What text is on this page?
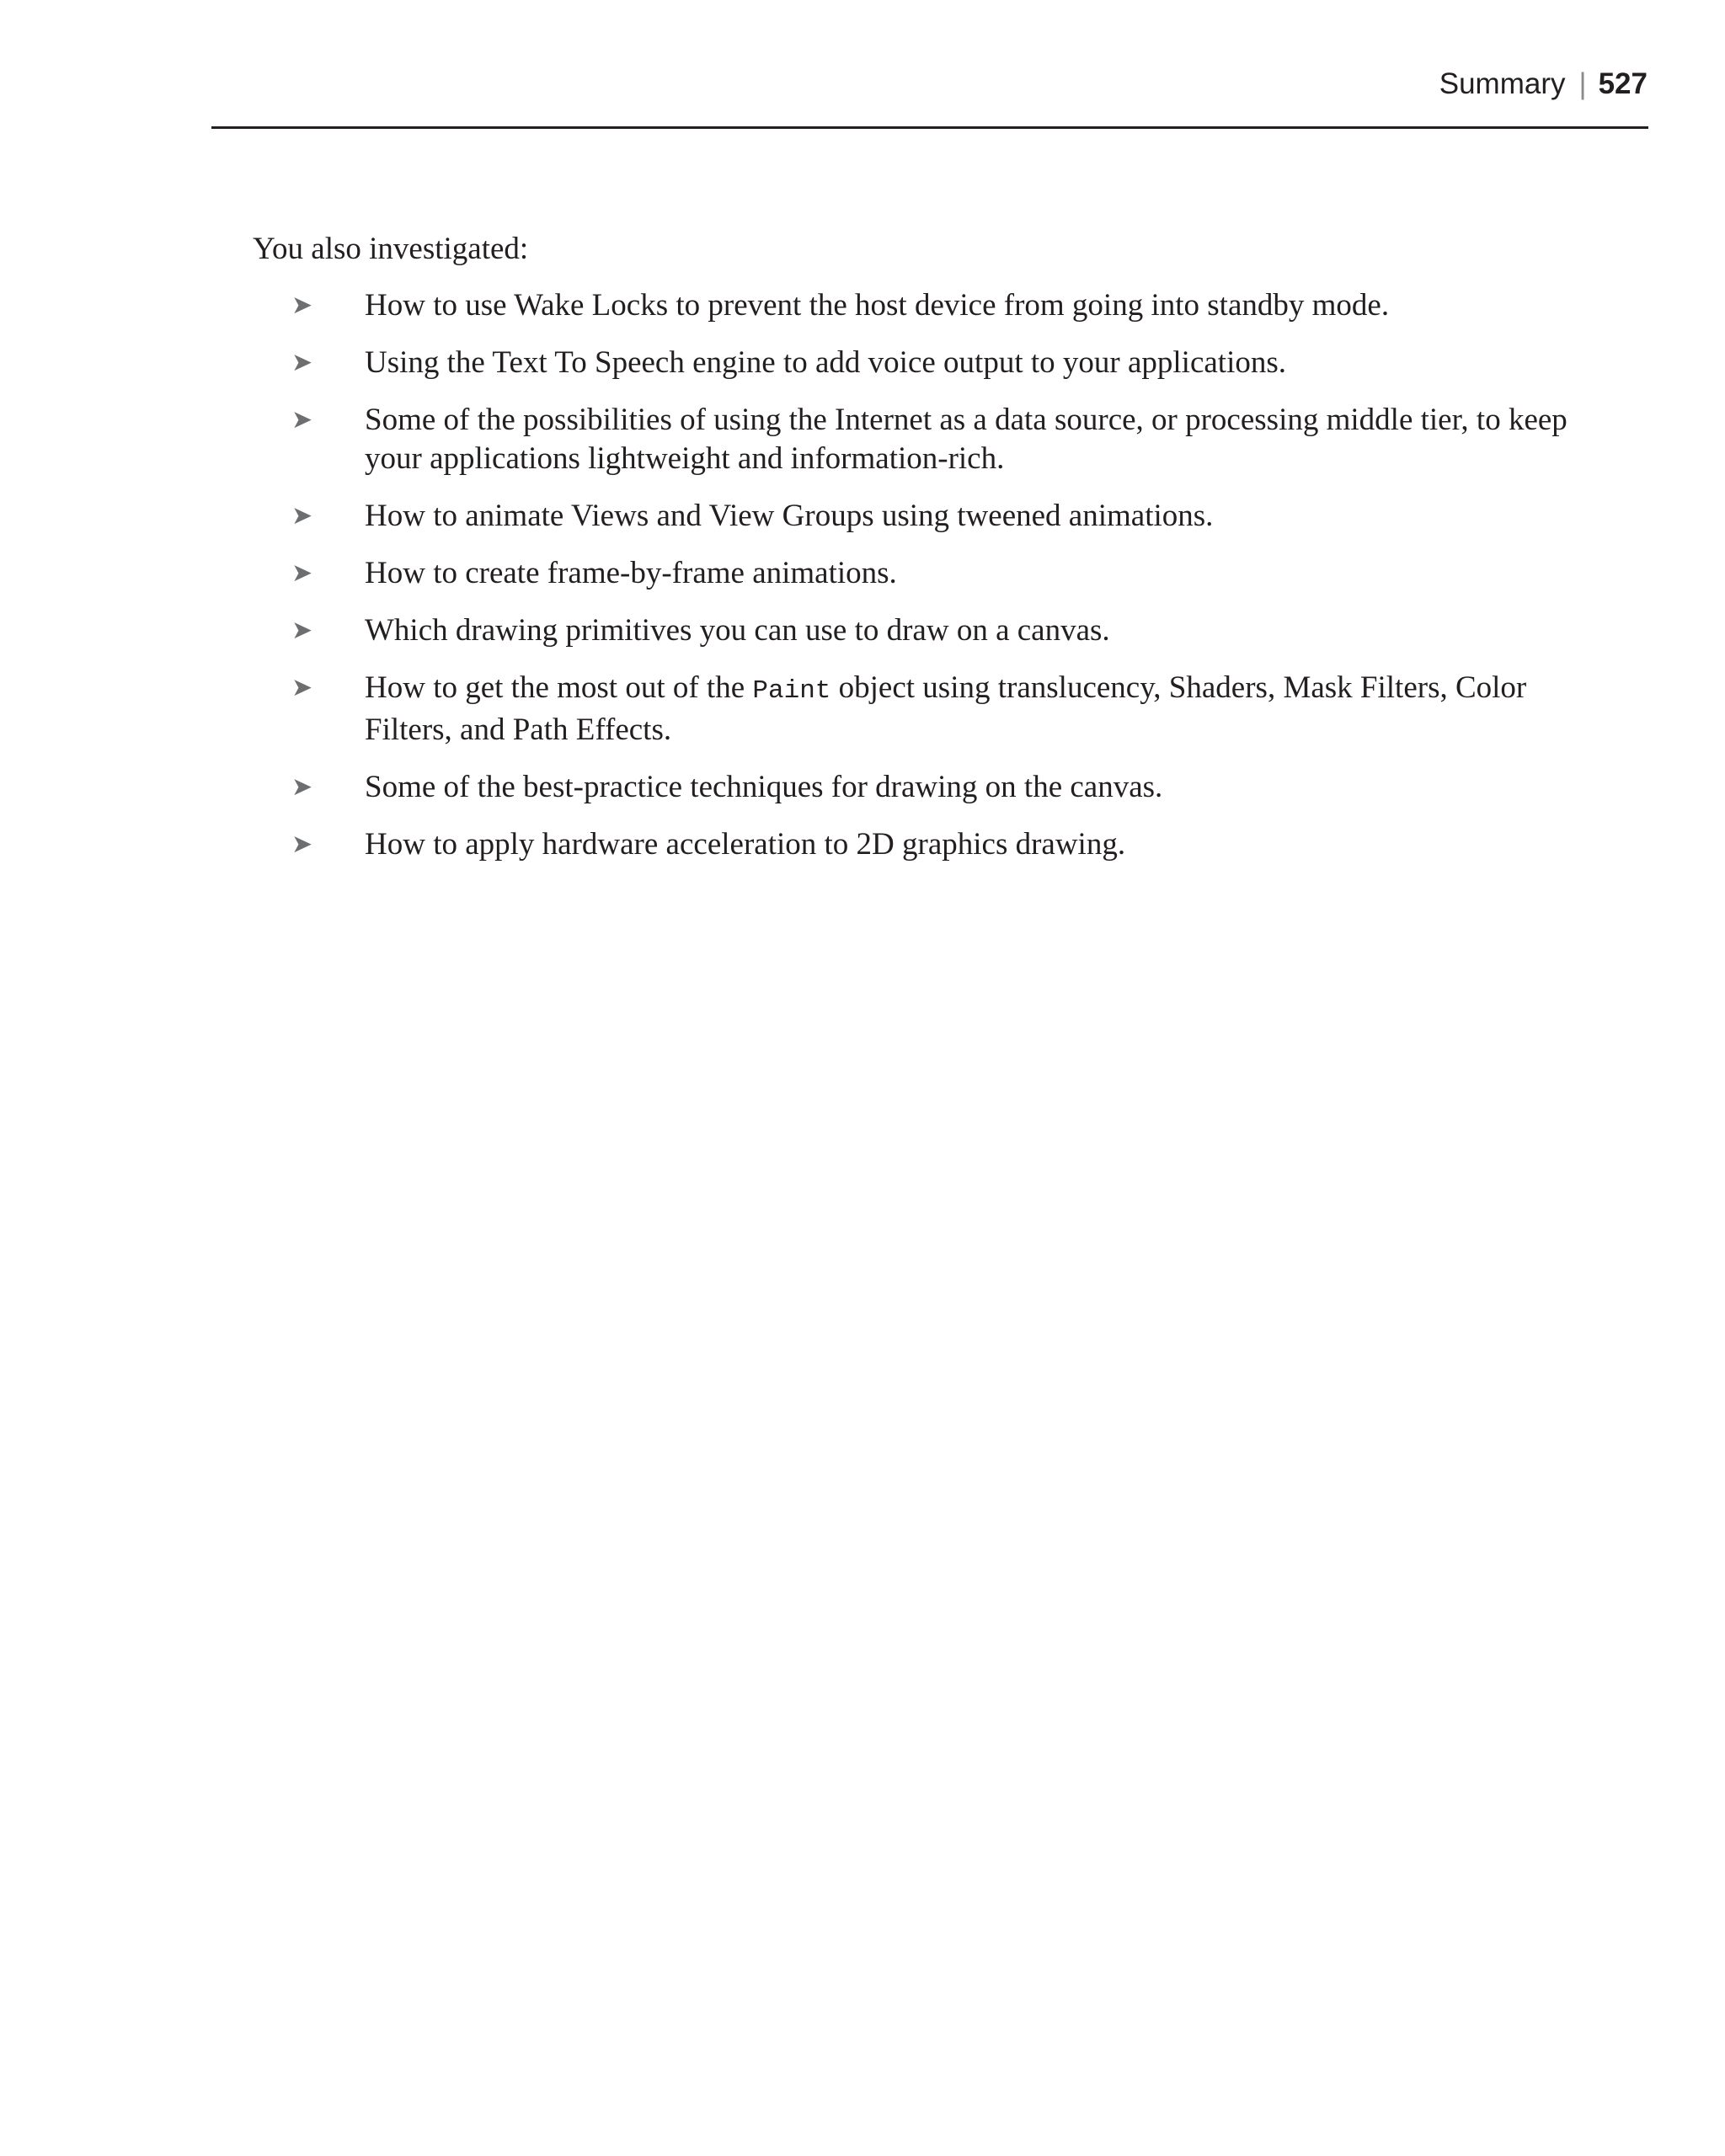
Summary | 527

You also investigated:

➤ How to use Wake Locks to prevent the host device from going into standby mode.
➤ Using the Text To Speech engine to add voice output to your applications.
➤ Some of the possibilities of using the Internet as a data source, or processing middle tier, to keep your applications lightweight and information-rich.
➤ How to animate Views and View Groups using tweened animations.
➤ How to create frame-by-frame animations.
➤ Which drawing primitives you can use to draw on a canvas.
➤ How to get the most out of the Paint object using translucency, Shaders, Mask Filters, Color Filters, and Path Effects.
➤ Some of the best-practice techniques for drawing on the canvas.
➤ How to apply hardware acceleration to 2D graphics drawing.
